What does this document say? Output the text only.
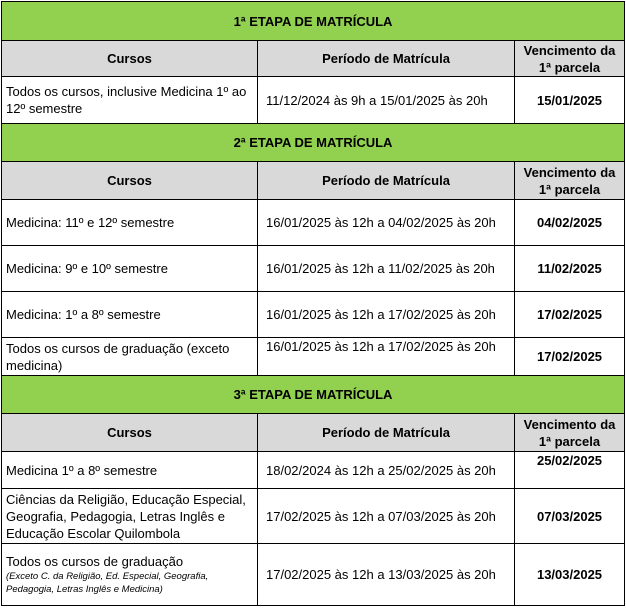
1ª ETAPA DE MATRÍCULA		
Cursos	Período de Matrícula	Vencimento da 1ª parcela
Todos os cursos, inclusive Medicina 1º ao 12º semestre	11/12/2024 às 9h a 15/01/2025 às 20h	15/01/2025
2ª ETAPA DE MATRÍCULA		
Cursos	Período de Matrícula	Vencimento da 1ª parcela
Medicina: 11º e 12º semestre	16/01/2025 às 12h a 04/02/2025 às 20h	04/02/2025
Medicina: 9º e 10º semestre	16/01/2025 às 12h a 11/02/2025 às 20h	11/02/2025
Medicina: 1º a 8º semestre	16/01/2025 às 12h a 17/02/2025 às 20h	17/02/2025
Todos os cursos de graduação (exceto medicina)	16/01/2025 às 12h a 17/02/2025 às 20h	17/02/2025
3ª ETAPA DE MATRÍCULA		
Cursos	Período de Matrícula	Vencimento da 1ª parcela
Medicina 1º a 8º semestre	18/02/2024 às 12h a 25/02/2025 às 20h	25/02/2025
Ciências da Religião, Educação Especial, Geografia, Pedagogia, Letras Inglês e Educação Escolar Quilombola	17/02/2025 às 12h a 07/03/2025 às 20h	07/03/2025
Todos os cursos de graduação
(Exceto C. da Religião, Ed. Especial, Geografia, Pedagogia, Letras Inglês e Medicina)	17/02/2025 às 12h a 13/03/2025 às 20h	13/03/2025
